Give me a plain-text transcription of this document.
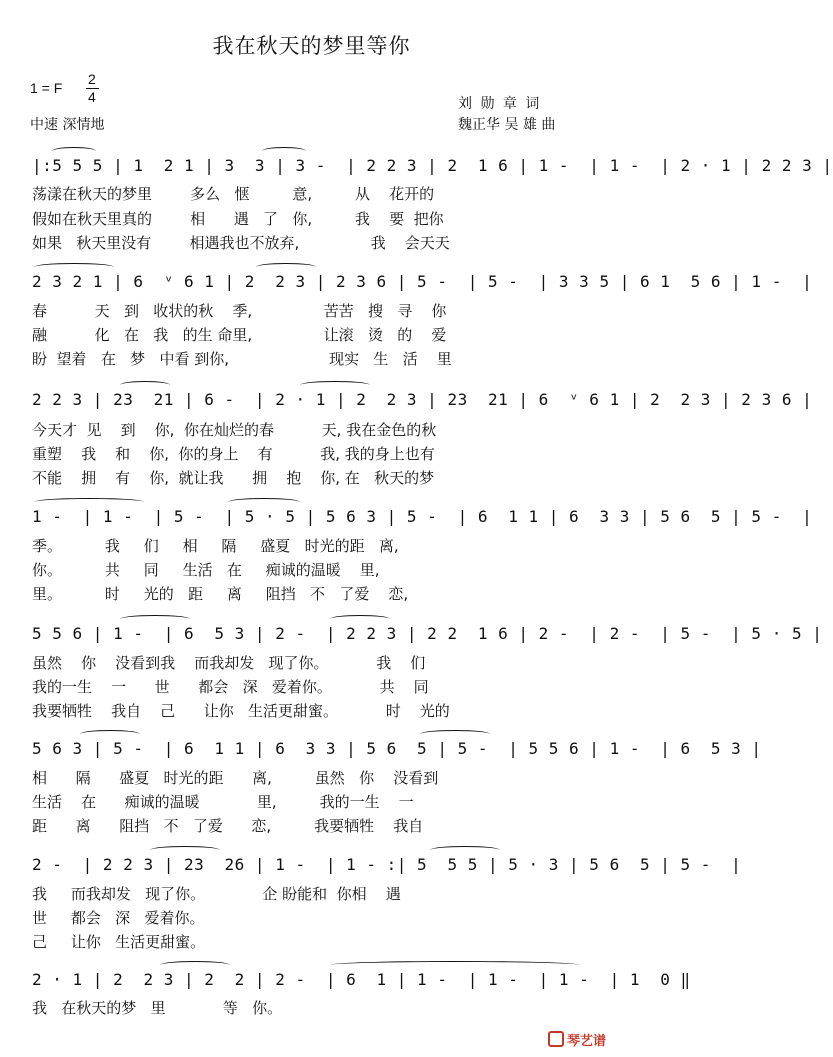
我在秋天的梦里等你
1 = F
2
4
中速 深情地
刘 勋 章 词
魏正华 吴 雄 曲
|:5 5 5 | 1  2 1 | 3  3 | 3 -  | 2 2 3 | 2  1 6 | 1 -  | 1 -  | 2 · 1 | 2 2 3 |
荡漾在秋天的梦里        多么   惬         意,         从    花开的
假如在秋天里真的        相      遇   了   你,         我    要  把你
如果   秋天里没有        相遇我也不放弃,               我    会天天
2 3 2 1 | 6  ᵛ 6 1 | 2  2 3 | 2 3 6 | 5 -  | 5 -  | 3 3 5 | 6 1  5 6 | 1 -  |
春          天   到   收状的秋    季,               苦苦   搜   寻    你
融          化   在   我   的生 命里,               让滚   烫   的    爱
盼  望着   在   梦   中看 到你,                     现实   生   活    里
2 2 3 | 23  21 | 6 -  | 2 · 1 | 2  2 3 | 23  21 | 6  ᵛ 6 1 | 2  2 3 | 2 3 6 |
今天才  见    到    你,  你在灿烂的春          天, 我在金色的秋
重塑    我    和    你,  你的身上    有          我, 我的身上也有
不能    拥    有    你,  就让我      拥    抱    你, 在   秋天的梦
1 -  | 1 -  | 5 -  | 5 · 5 | 5 6 3 | 5 -  | 6  1 1 | 6  3 3 | 5 6  5 | 5 -  |
季。         我     们     相     隔     盛夏   时光的距   离,
你。         共     同     生活   在     痴诚的温暖    里,
里。         时     光的   距     离     阻挡   不   了爱    恋,
5 5 6 | 1 -  | 6  5 3 | 2 -  | 2 2 3 | 2 2  1 6 | 2 -  | 2 -  | 5 -  | 5 · 5 |
虽然    你    没看到我    而我却发   现了你。          我    们
我的一生    一      世      都会   深   爱着你。          共    同
我要牺牲    我自    己      让你   生活更甜蜜。          时    光的
5 6 3 | 5 -  | 6  1 1 | 6  3 3 | 5 6  5 | 5 -  | 5 5 6 | 1 -  | 6  5 3 |
相      隔      盛夏   时光的距      离,         虽然   你    没看到
生活    在      痴诚的温暖            里,         我的一生    一
距      离      阻挡   不   了爱      恋,         我要牺牲    我自
2 -  | 2 2 3 | 23  26 | 1 -  | 1 - :| 5  5 5 | 5 · 3 | 5 6  5 | 5 -  |
我     而我却发   现了你。            企 盼能和  你相    遇
世     都会   深   爱着你。
己     让你   生活更甜蜜。
2 · 1 | 2  2 3 | 2  2 | 2 -  | 6  1 | 1 -  | 1 -  | 1 -  | 1  0 ‖
我   在秋天的梦   里            等   你。
琴艺谱
